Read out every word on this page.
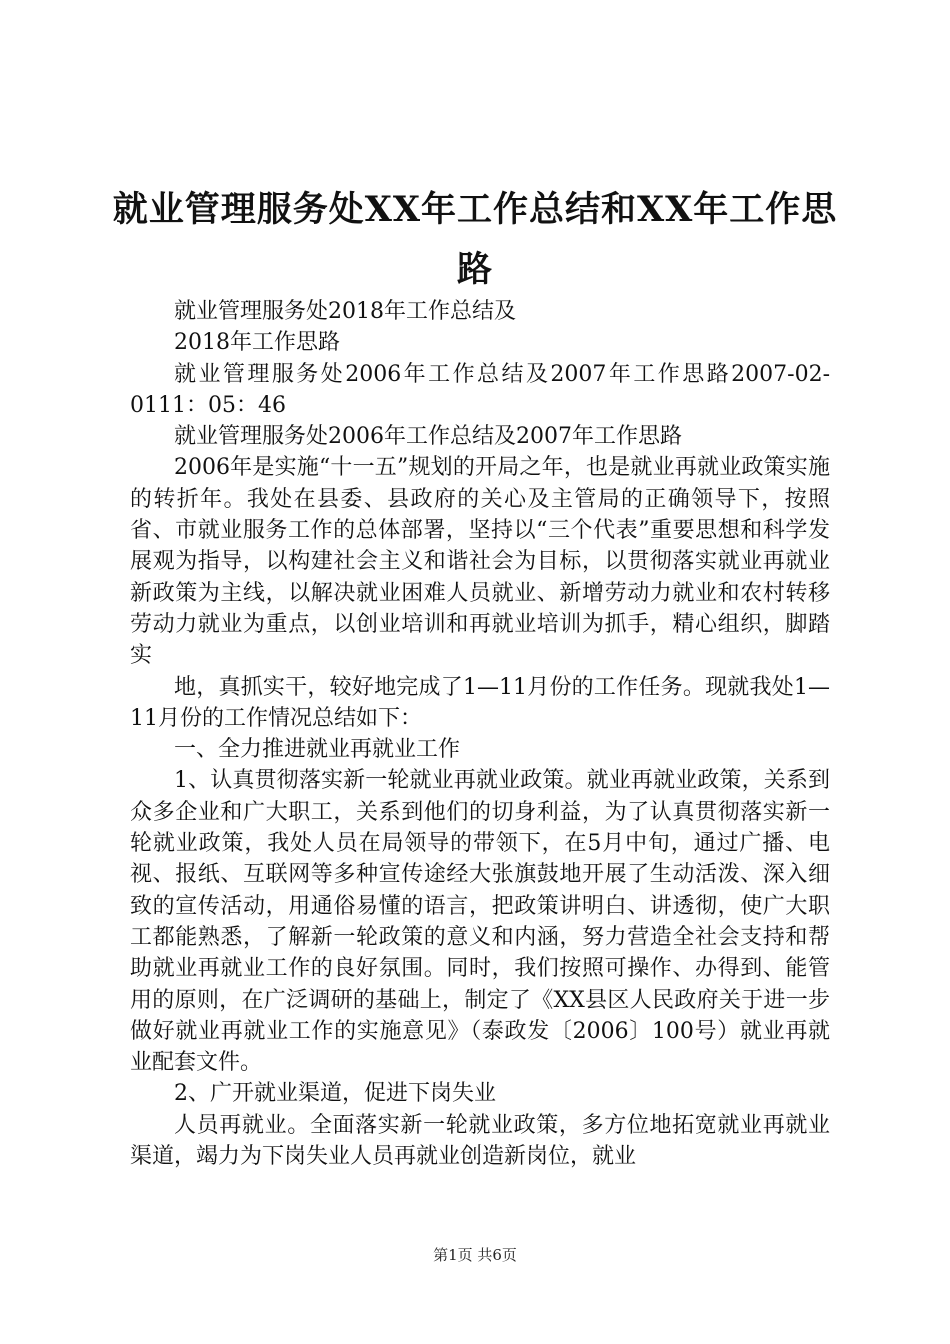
就业管理服务处XX年工作总结和XX年工作思路

就业管理服务处2018年工作总结及

2018年工作思路

就业管理服务处2006年工作总结及2007年工作思路2007-02-0111：05：46

就业管理服务处2006年工作总结及2007年工作思路

2006年是实施“十一五”规划的开局之年，也是就业再就业政策实施的转折年。我处在县委、县政府的关心及主管局的正确领导下，按照省、市就业服务工作的总体部署，坚持以“三个代表”重要思想和科学发展观为指导，以构建社会主义和谐社会为目标，以贯彻落实就业再就业新政策为主线，以解决就业困难人员就业、新增劳动力就业和农村转移劳动力就业为重点，以创业培训和再就业培训为抓手，精心组织，脚踏实

地，真抓实干，较好地完成了1—11月份的工作任务。现就我处1—11月份的工作情况总结如下：

一、全力推进就业再就业工作

1、认真贯彻落实新一轮就业再就业政策。就业再就业政策，关系到众多企业和广大职工，关系到他们的切身利益，为了认真贯彻落实新一轮就业政策，我处人员在局领导的带领下，在5月中旬，通过广播、电视、报纸、互联网等多种宣传途经大张旗鼓地开展了生动活泼、深入细致的宣传活动，用通俗易懂的语言，把政策讲明白、讲透彻，使广大职工都能熟悉，了解新一轮政策的意义和内涵，努力营造全社会支持和帮助就业再就业工作的良好氛围。同时，我们按照可操作、办得到、能管用的原则，在广泛调研的基础上，制定了《XX县区人民政府关于进一步做好就业再就业工作的实施意见》（泰政发〔2006〕100号）就业再就业配套文件。

2、广开就业渠道，促进下岗失业

人员再就业。全面落实新一轮就业政策，多方位地拓宽就业再就业渠道，竭力为下岗失业人员再就业创造新岗位，就业

第1页 共6页
